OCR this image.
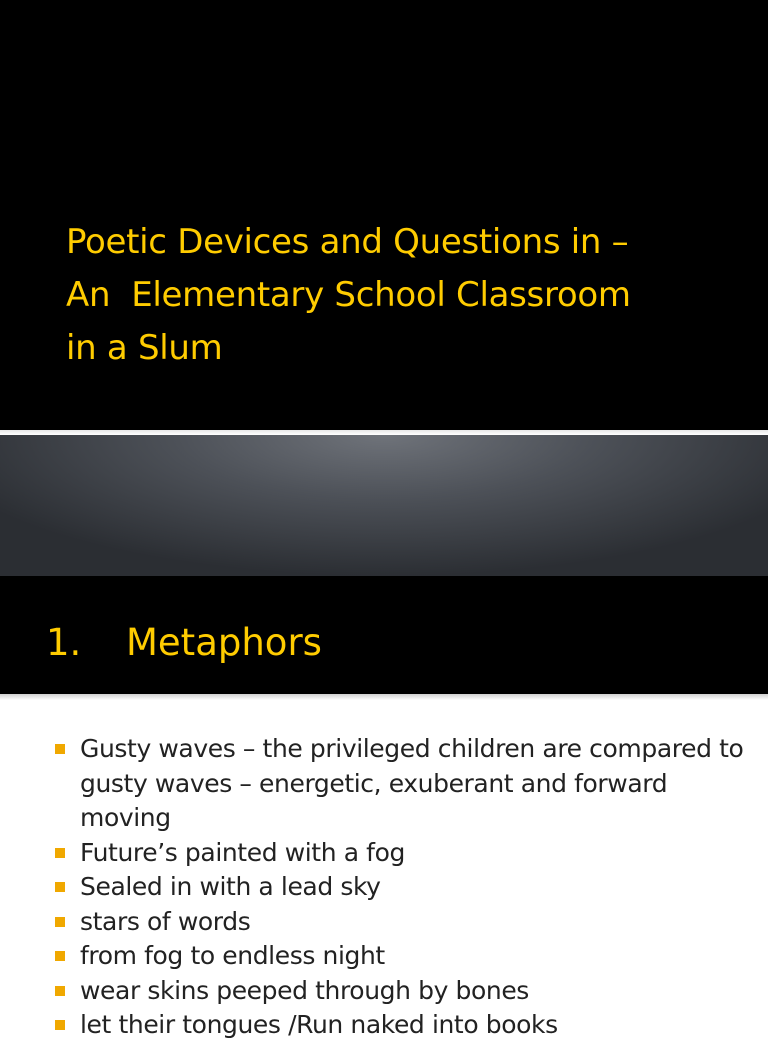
Poetic Devices and Questions in –
An  Elementary School Classroom
in a Slum
1.	Metaphors
Gusty waves – the privileged children are compared to gusty waves – energetic, exuberant and forward moving
Future’s painted with a fog
Sealed in with a lead sky
stars of words
from fog to endless night
wear skins peeped through by bones
let their tongues /Run naked into books
